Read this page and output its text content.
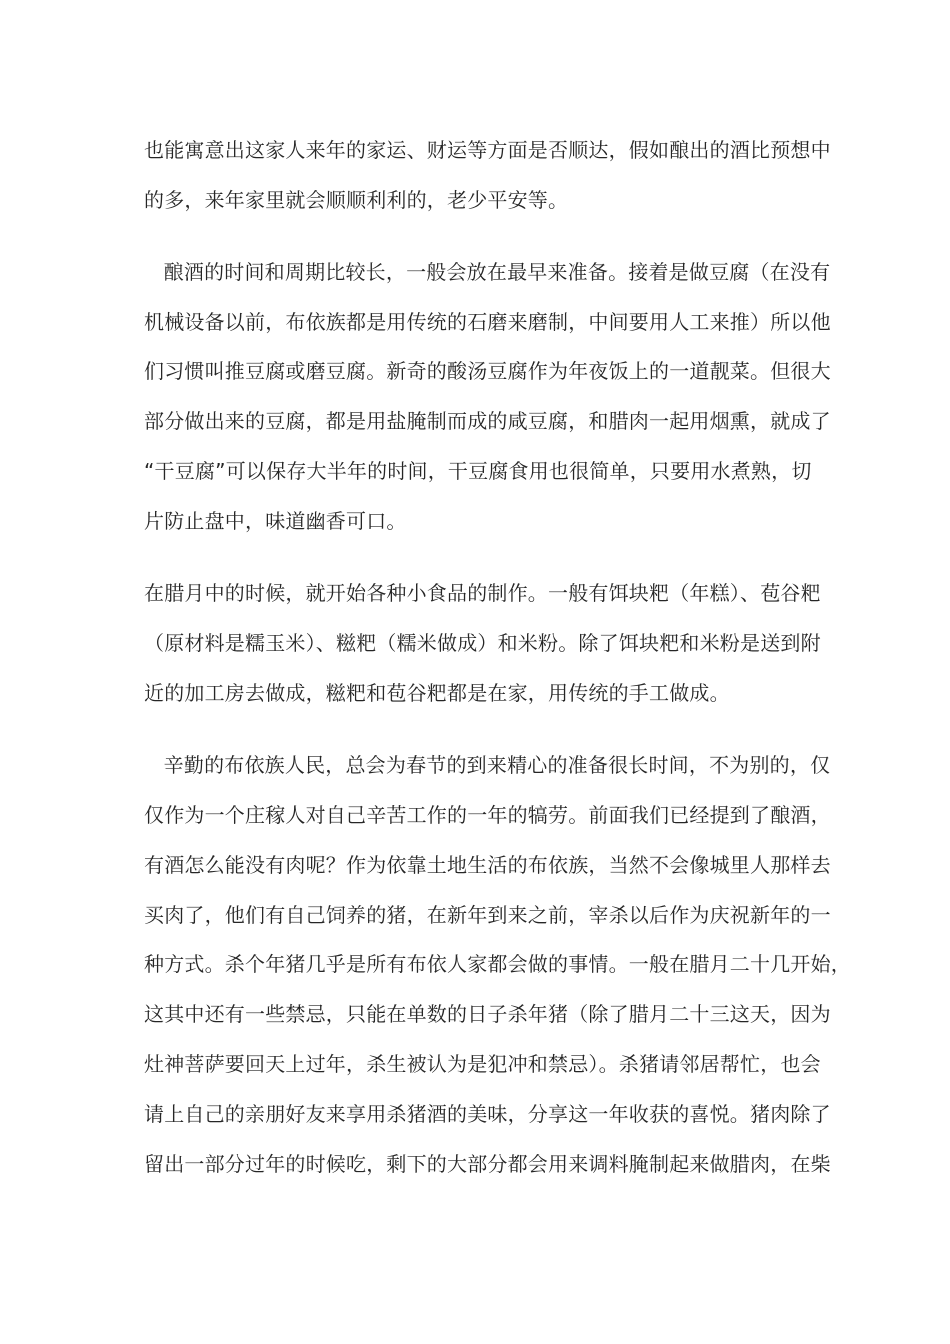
也能寓意出这家人来年的家运、财运等方面是否顺达，假如酿出的酒比预想中
的多，来年家里就会顺顺利利的，老少平安等。
酿酒的时间和周期比较长，一般会放在最早来准备。接着是做豆腐（在没有
机械设备以前，布依族都是用传统的石磨来磨制，中间要用人工来推）所以他
们习惯叫推豆腐或磨豆腐。新奇的酸汤豆腐作为年夜饭上的一道靓菜。但很大
部分做出来的豆腐，都是用盐腌制而成的咸豆腐，和腊肉一起用烟熏，就成了
“干豆腐”可以保存大半年的时间，干豆腐食用也很简单，只要用水煮熟，切
片防止盘中，味道幽香可口。
在腊月中的时候，就开始各种小食品的制作。一般有饵块粑（年糕）、苞谷粑
（原材料是糯玉米）、糍粑（糯米做成）和米粉。除了饵块粑和米粉是送到附
近的加工房去做成，糍粑和苞谷粑都是在家，用传统的手工做成。
辛勤的布依族人民，总会为春节的到来精心的准备很长时间，不为别的，仅
仅作为一个庄稼人对自己辛苦工作的一年的犒劳。前面我们已经提到了酿酒，
有酒怎么能没有肉呢？作为依靠土地生活的布依族，当然不会像城里人那样去
买肉了，他们有自己饲养的猪，在新年到来之前，宰杀以后作为庆祝新年的一
种方式。杀个年猪几乎是所有布依人家都会做的事情。一般在腊月二十几开始，
这其中还有一些禁忌，只能在单数的日子杀年猪（除了腊月二十三这天，因为
灶神菩萨要回天上过年，杀生被认为是犯冲和禁忌）。杀猪请邻居帮忙，也会
请上自己的亲朋好友来享用杀猪酒的美味，分享这一年收获的喜悦。猪肉除了
留出一部分过年的时候吃，剩下的大部分都会用来调料腌制起来做腊肉，在柴
